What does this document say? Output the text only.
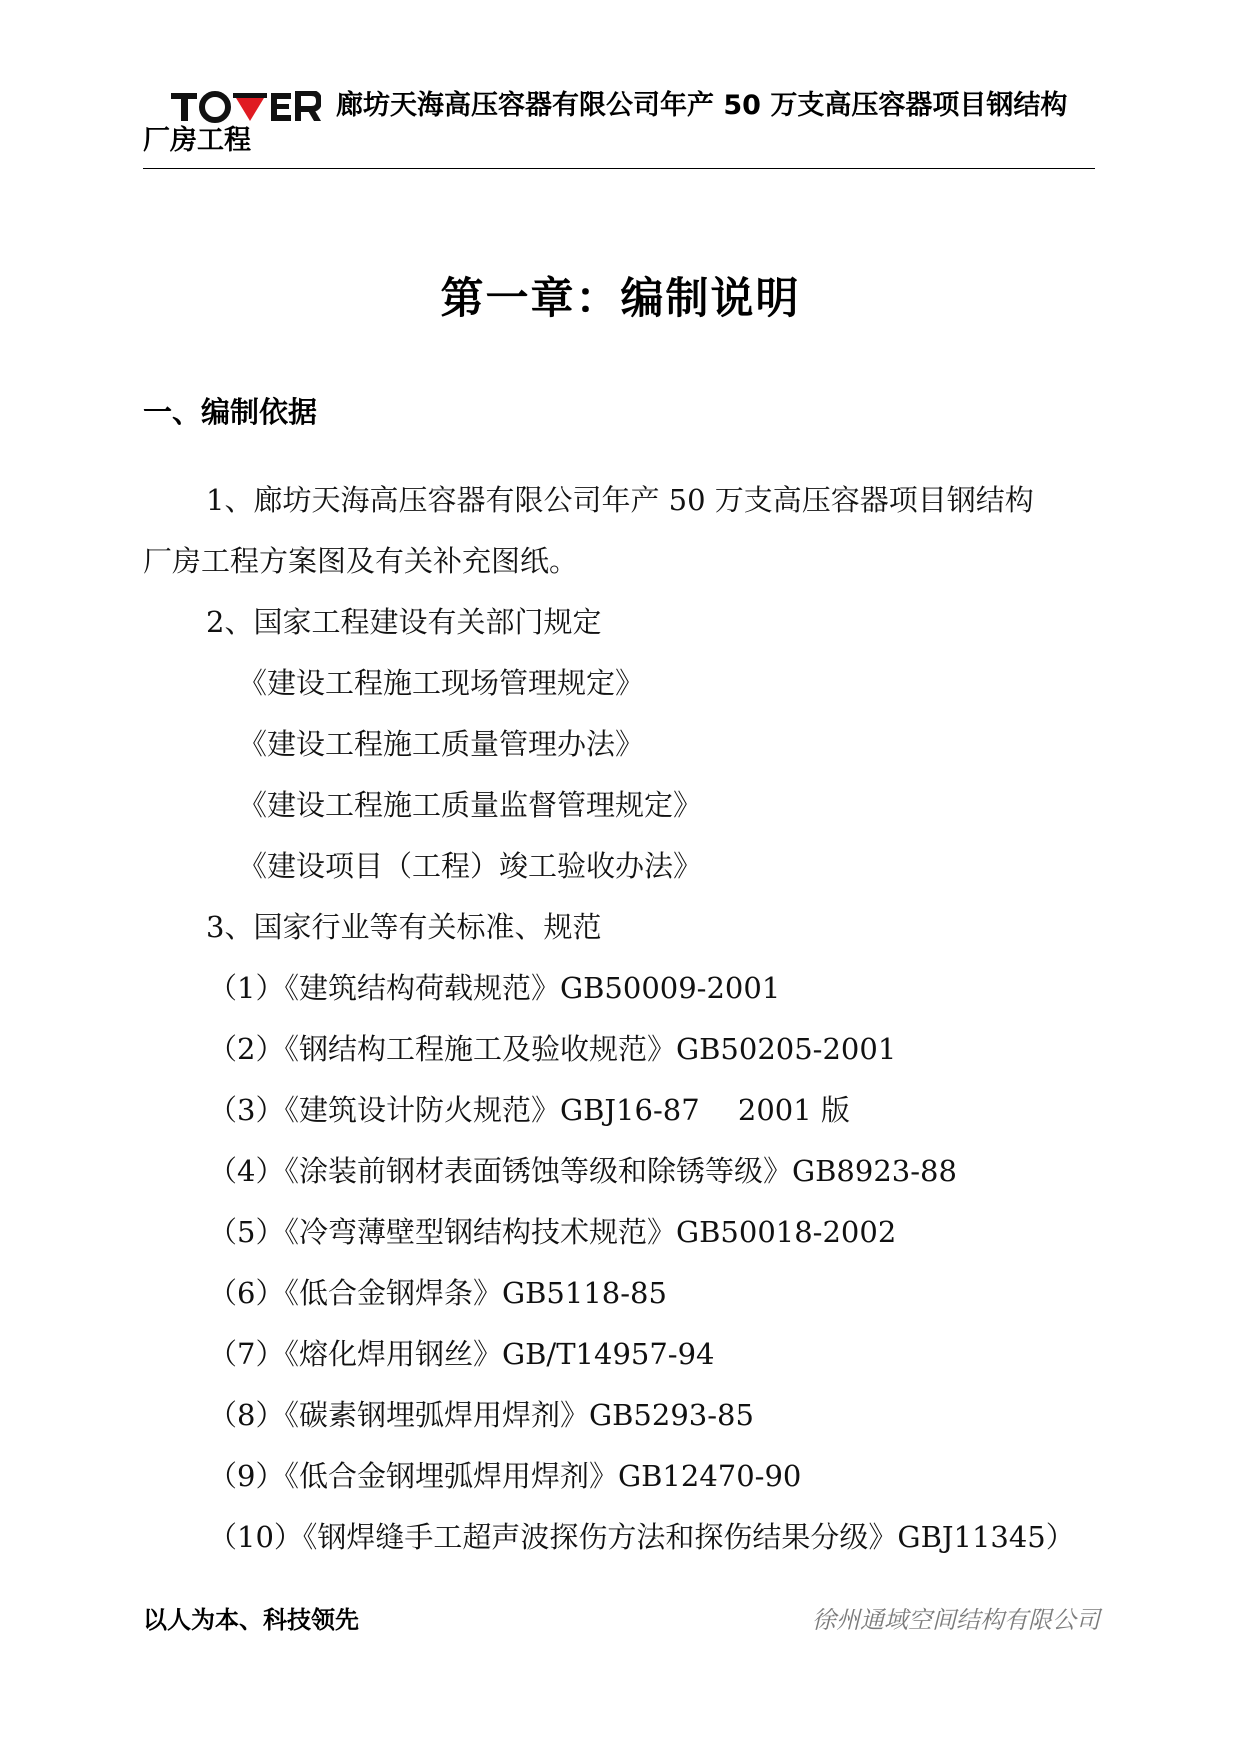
廊坊天海高压容器有限公司年产 50 万支高压容器项目钢结构厂房工程

第一章：编制说明
一、编制依据

1、廊坊天海高压容器有限公司年产 50 万支高压容器项目钢结构

厂房工程方案图及有关补充图纸。

2、国家工程建设有关部门规定

《建设工程施工现场管理规定》

《建设工程施工质量管理办法》

《建设工程施工质量监督管理规定》

《建设项目（工程）竣工验收办法》

3、国家行业等有关标准、规范

（1）《建筑结构荷载规范》GB50009-2001

（2）《钢结构工程施工及验收规范》GB50205-2001

（3）《建筑设计防火规范》GBJ16-87　 2001 版

（4）《涂装前钢材表面锈蚀等级和除锈等级》GB8923-88

（5）《冷弯薄壁型钢结构技术规范》GB50018-2002

（6）《低合金钢焊条》GB5118-85

（7）《熔化焊用钢丝》GB/T14957-94

（8）《碳素钢埋弧焊用焊剂》GB5293-85

（9）《低合金钢埋弧焊用焊剂》GB12470-90

（10）《钢焊缝手工超声波探伤方法和探伤结果分级》GBJ11345）

以人为本、科技领先	徐州通域空间结构有限公司
